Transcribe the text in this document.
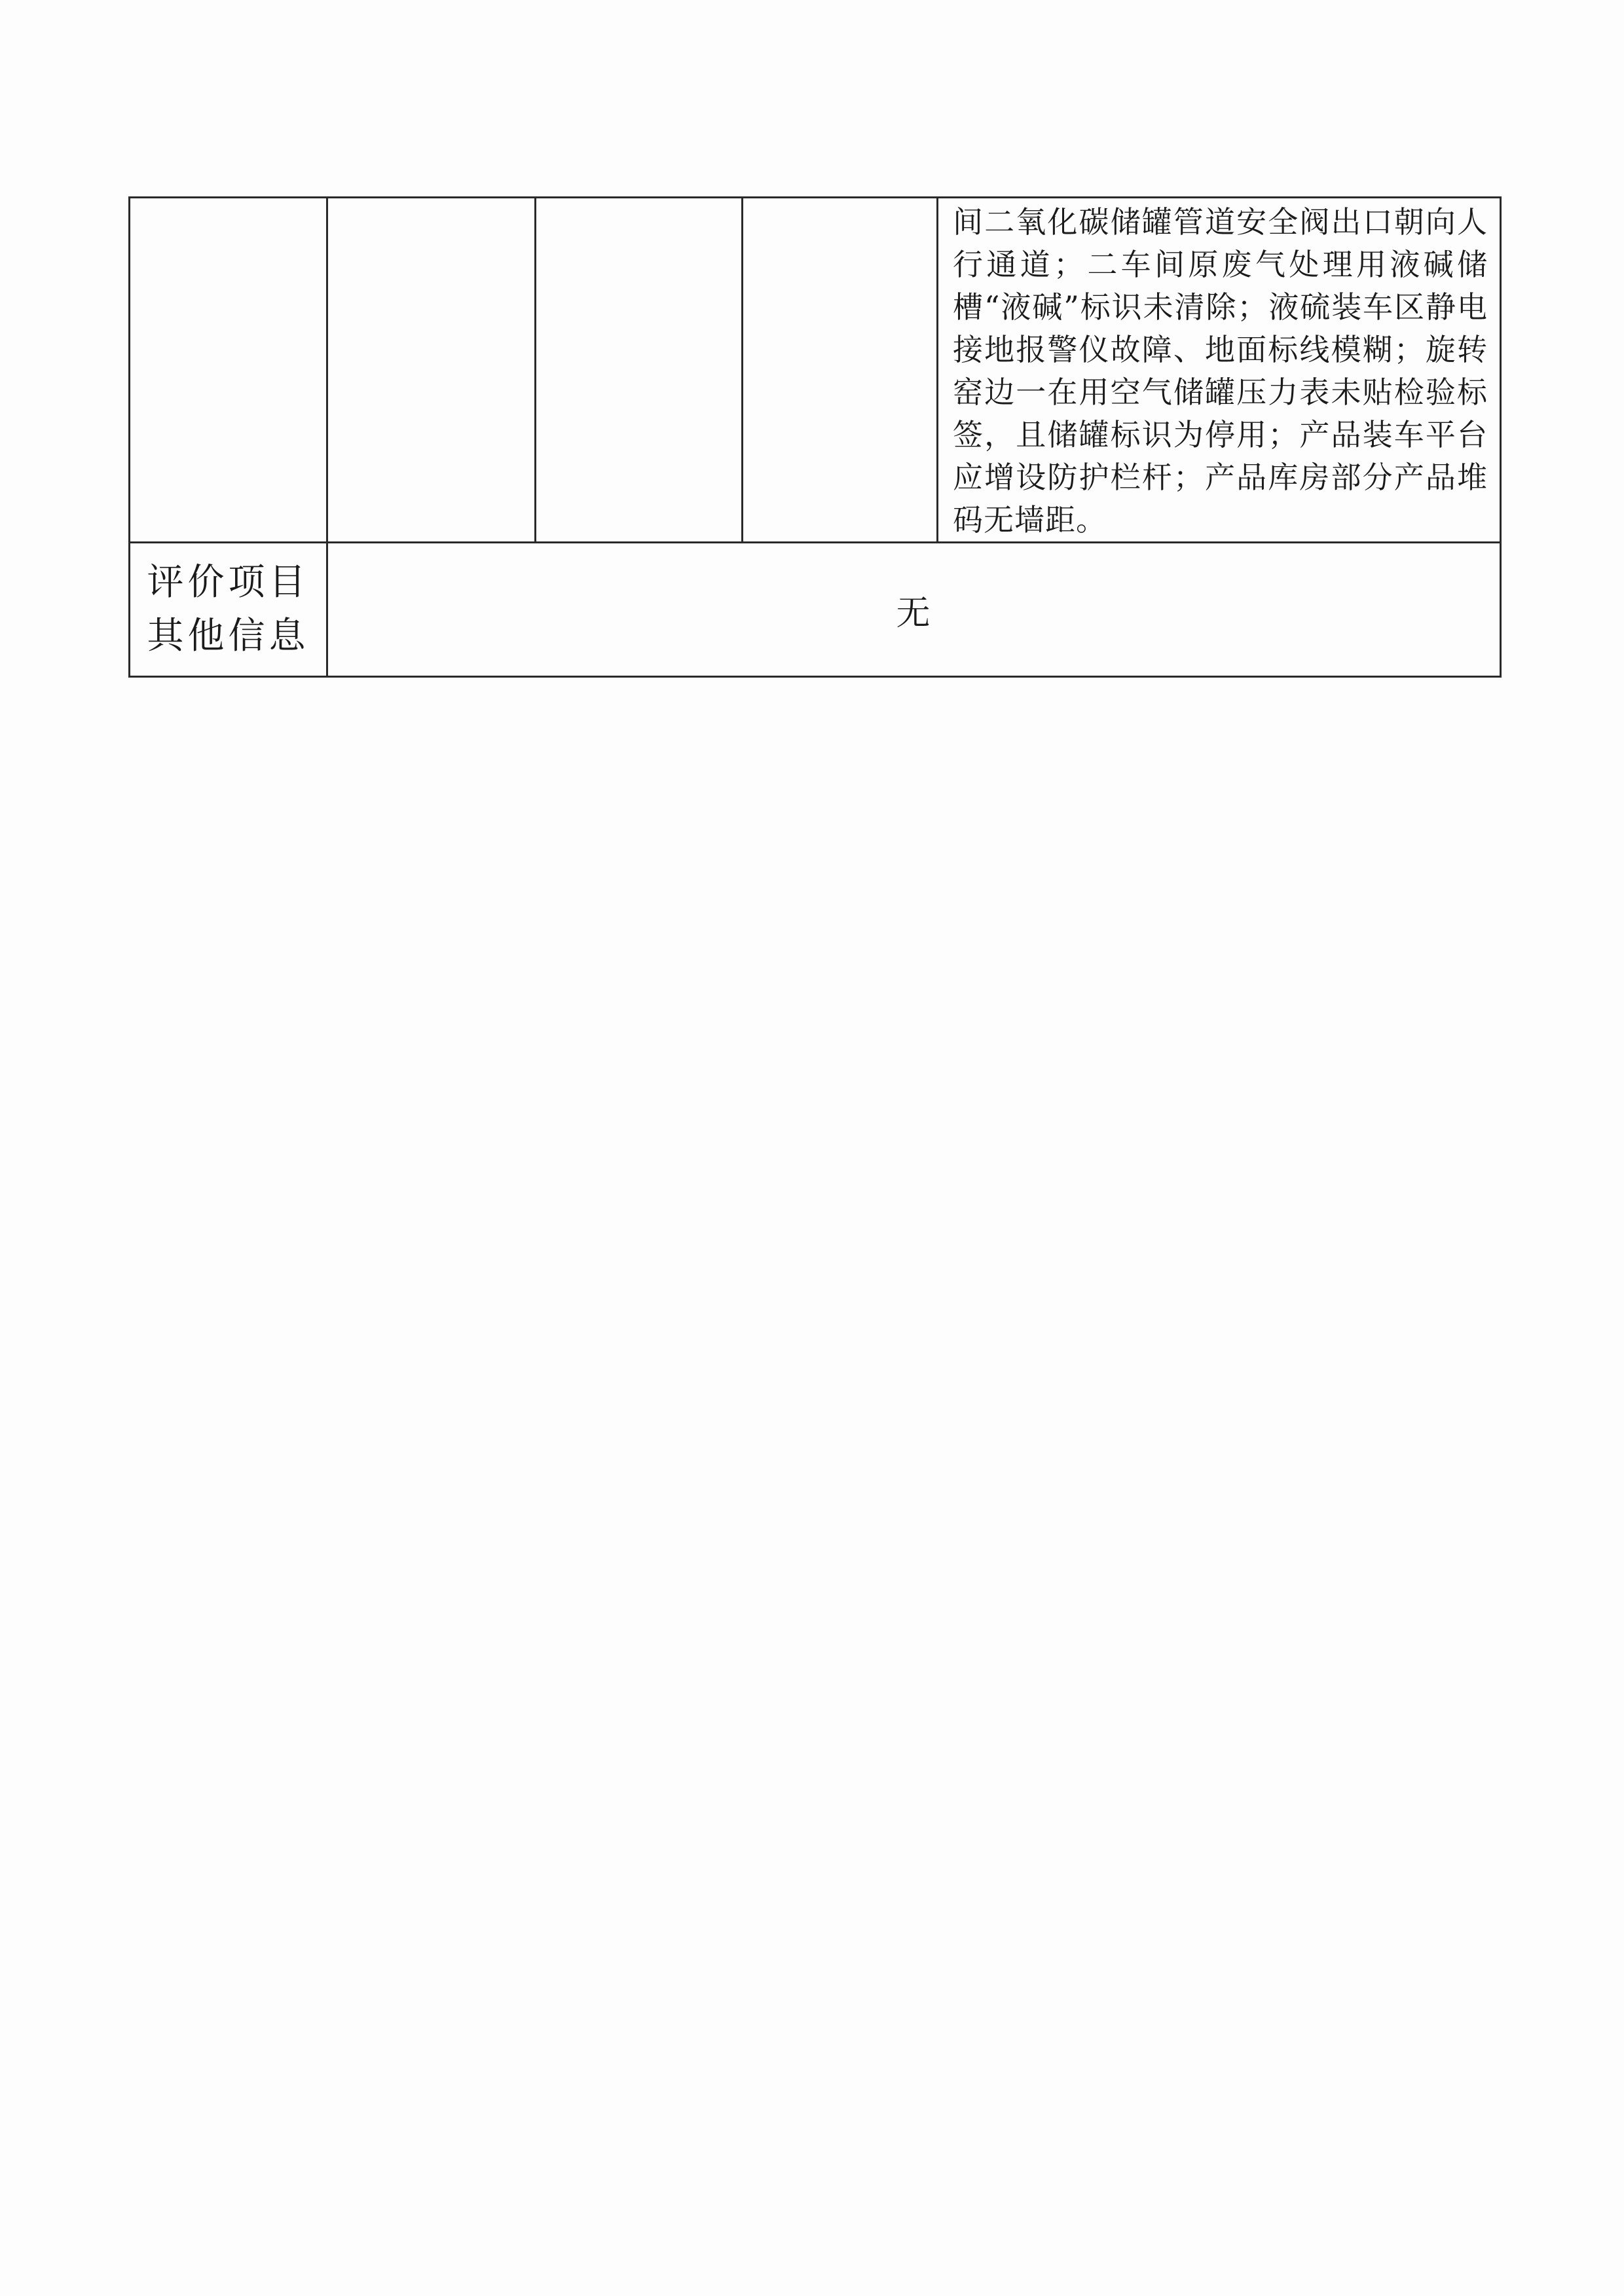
				间二氧化碳储罐管道安全阀出口朝向人行通道；二车间原废气处理用液碱储槽“液碱”标识未清除；液硫装车区静电接地报警仪故障、地面标线模糊；旋转窑边一在用空气储罐压力表未贴检验标签，且储罐标识为停用；产品装车平台应增设防护栏杆；产品库房部分产品堆码无墙距。

评价项目
其他信息	无			
